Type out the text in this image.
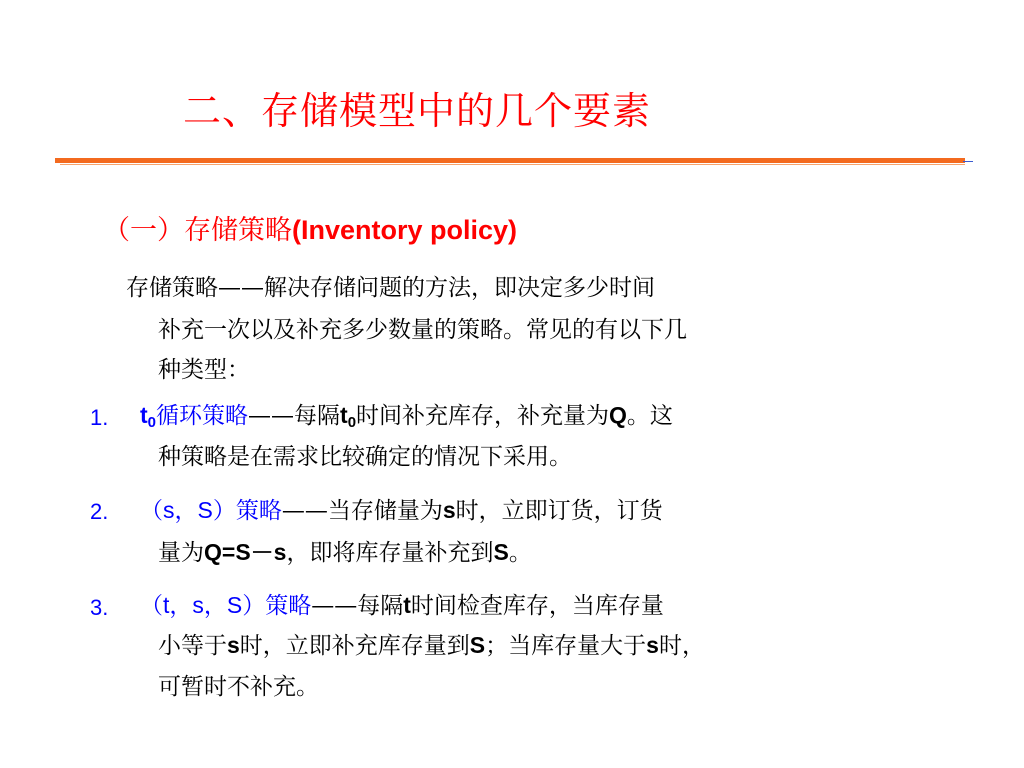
二、存储模型中的几个要素
（一）存储策略(Inventory policy)
存储策略——解决存储问题的方法，即决定多少时间
补充一次以及补充多少数量的策略。常见的有以下几
种类型：
1. $t_0$循环策略——每隔$t_0$时间补充库存，补充量为Q。这
种策略是在需求比较确定的情况下采用。
2. （s，S）策略——当存储量为s时，立即订货，订货
量为Q=S－s，即将库存量补充到S。
3. （t，s，S）策略——每隔t时间检查库存，当库存量
小等于s时，立即补充库存量到S；当库存量大于s时，
可暂时不补充。
